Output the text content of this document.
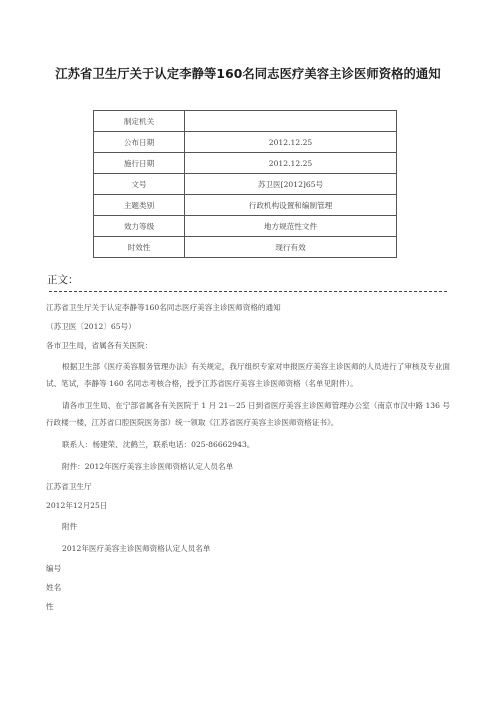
江苏省卫生厅关于认定李静等160名同志医疗美容主诊医师资格的通知
制定机关	
公布日期	2012.12.25
施行日期	2012.12.25
文号	苏卫医[2012]65号
主题类别	行政机构设置和编制管理
效力等级	地方规范性文件
时效性	现行有效
正文：

江苏省卫生厅关于认定李静等160名同志医疗美容主诊医师资格的通知

（苏卫医〔2012〕65号）

各市卫生局，省属各有关医院：

根据卫生部《医疗美容服务管理办法》有关规定，我厅组织专家对申报医疗美容主诊医师的人员进行了审核及专业面试、笔试，李静等 160 名同志考核合格，授予江苏省医疗美容主诊医师资格（名单见附件）。

请各市卫生局、在宁部省属各有关医院于 1 月 21－25 日到省医疗美容主诊医师管理办公室（南京市汉中路 136 号行政楼一楼，江苏省口腔医院医务部）统一领取《江苏省医疗美容主诊医师资格证书》。

联系人：杨建荣、沈鹤兰，联系电话：025-86662943。

附件：2012年医疗美容主诊医师资格认定人员名单

江苏省卫生厅

2012年12月25日

附件

2012年医疗美容主诊医师资格认定人员名单

编号

姓名

性
